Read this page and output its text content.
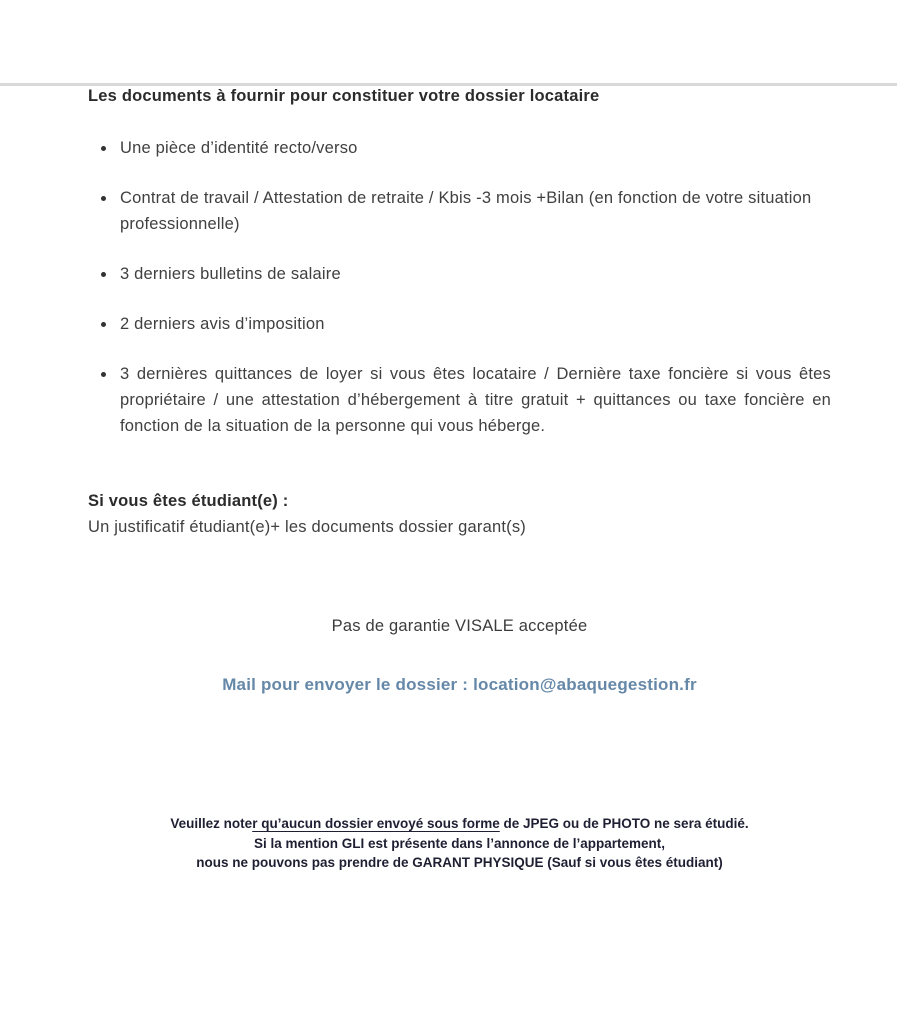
Les documents à fournir pour constituer votre dossier locataire
Une pièce d’identité recto/verso
Contrat de travail / Attestation de retraite / Kbis -3 mois +Bilan (en fonction de votre situation professionnelle)
3 derniers bulletins de salaire
2 derniers avis d’imposition
3 dernières quittances de loyer si vous êtes locataire / Dernière taxe foncière si vous êtes propriétaire / une attestation d’hébergement à titre gratuit + quittances ou taxe foncière en fonction de la situation de la personne qui vous héberge.
Si vous êtes étudiant(e) :
Un justificatif étudiant(e)+ les documents dossier garant(s)
Pas de garantie VISALE acceptée
Mail pour envoyer le dossier : location@abaquegestion.fr
Veuillez noter qu’aucun dossier envoyé sous forme de JPEG ou de PHOTO ne sera étudié.
Si la mention GLI est présente dans l’annonce de l’appartement,
nous ne pouvons pas prendre de GARANT PHYSIQUE (Sauf si vous êtes étudiant)
